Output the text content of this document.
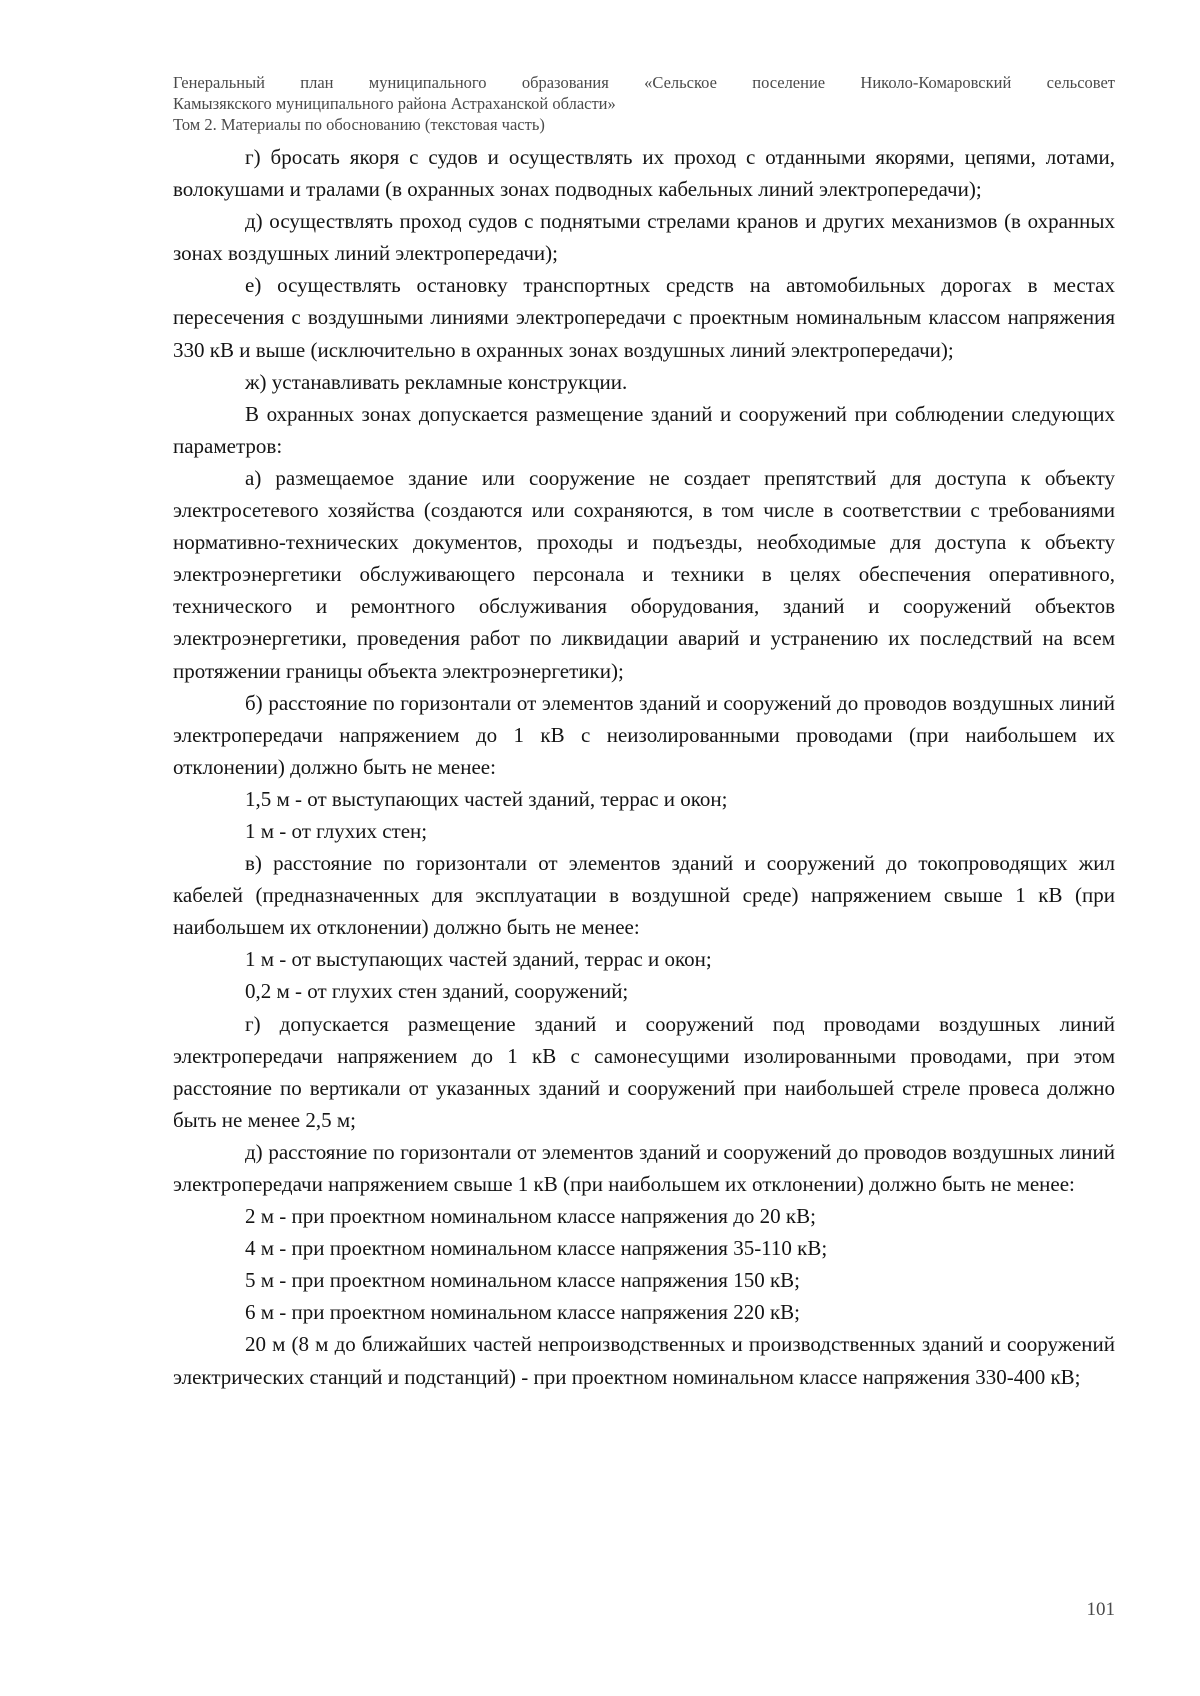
Генеральный план муниципального образования «Сельское поселение Николо-Комаровский сельсовет
Камызякского муниципального района Астраханской области»
Том 2. Материалы по обоснованию (текстовая часть)

г) бросать якоря с судов и осуществлять их проход с отданными якорями, цепями, лотами, волокушами и тралами (в охранных зонах подводных кабельных линий электропередачи);

д) осуществлять проход судов с поднятыми стрелами кранов и других механизмов (в охранных зонах воздушных линий электропередачи);

е) осуществлять остановку транспортных средств на автомобильных дорогах в местах пересечения с воздушными линиями электропередачи с проектным номинальным классом напряжения 330 кВ и выше (исключительно в охранных зонах воздушных линий электропередачи);

ж) устанавливать рекламные конструкции.

В охранных зонах допускается размещение зданий и сооружений при соблюдении следующих параметров:

а) размещаемое здание или сооружение не создает препятствий для доступа к объекту электросетевого хозяйства (создаются или сохраняются, в том числе в соответствии с требованиями нормативно-технических документов, проходы и подъезды, необходимые для доступа к объекту электроэнергетики обслуживающего персонала и техники в целях обеспечения оперативного, технического и ремонтного обслуживания оборудования, зданий и сооружений объектов электроэнергетики, проведения работ по ликвидации аварий и устранению их последствий на всем протяжении границы объекта электроэнергетики);

б) расстояние по горизонтали от элементов зданий и сооружений до проводов воздушных линий электропередачи напряжением до 1 кВ с неизолированными проводами (при наибольшем их отклонении) должно быть не менее:

1,5 м - от выступающих частей зданий, террас и окон;

1 м - от глухих стен;

в) расстояние по горизонтали от элементов зданий и сооружений до токопроводящих жил кабелей (предназначенных для эксплуатации в воздушной среде) напряжением свыше 1 кВ (при наибольшем их отклонении) должно быть не менее:

1 м - от выступающих частей зданий, террас и окон;

0,2 м - от глухих стен зданий, сооружений;

г) допускается размещение зданий и сооружений под проводами воздушных линий электропередачи напряжением до 1 кВ с самонесущими изолированными проводами, при этом расстояние по вертикали от указанных зданий и сооружений при наибольшей стреле провеса должно быть не менее 2,5 м;

д) расстояние по горизонтали от элементов зданий и сооружений до проводов воздушных линий электропередачи напряжением свыше 1 кВ (при наибольшем их отклонении) должно быть не менее:

2 м - при проектном номинальном классе напряжения до 20 кВ;

4 м - при проектном номинальном классе напряжения 35-110 кВ;

5 м - при проектном номинальном классе напряжения 150 кВ;

6 м - при проектном номинальном классе напряжения 220 кВ;

20 м (8 м до ближайших частей непроизводственных и производственных зданий и сооружений электрических станций и подстанций) - при проектном номинальном классе напряжения 330-400 кВ;

101
